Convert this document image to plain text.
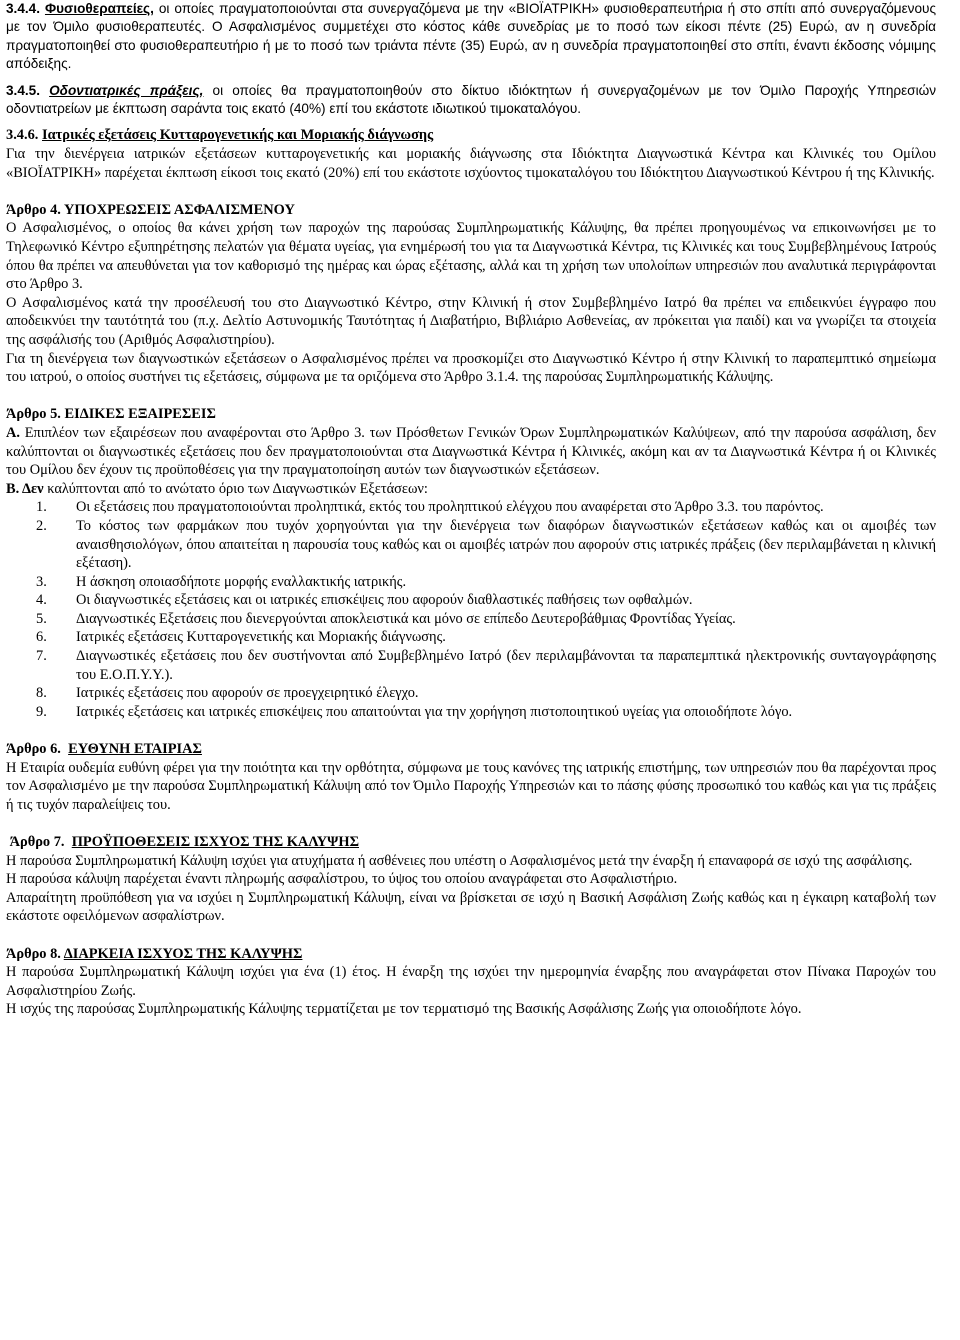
3.4.4. Φυσιοθεραπείες, οι οποίες πραγματοποιούνται στα συνεργαζόμενα με την «ΒΙΟΪΑΤΡΙΚΗ» φυσιοθεραπευτήρια ή στο σπίτι από συνεργαζόμενους με τον Όμιλο φυσιοθεραπευτές. Ο Ασφαλισμένος συμμετέχει στο κόστος κάθε συνεδρίας με το ποσό των είκοσι πέντε (25) Ευρώ, αν η συνεδρία πραγματοποιηθεί στο φυσιοθεραπευτήριο ή με το ποσό των τριάντα πέντε (35) Ευρώ, αν η συνεδρία πραγματοποιηθεί στο σπίτι, έναντι έκδοσης νόμιμης απόδειξης.

3.4.5. Οδοντιατρικές πράξεις, οι οποίες θα πραγματοποιηθούν στο δίκτυο ιδιόκτητων ή συνεργαζομένων με τον Όμιλο Παροχής Υπηρεσιών οδοντιατρείων με έκπτωση σαράντα τοις εκατό (40%) επί του εκάστοτε ιδιωτικού τιμοκαταλόγου.

3.4.6. Ιατρικές εξετάσεις Κυτταρογενετικής και Μοριακής διάγνωσης

Για την διενέργεια ιατρικών εξετάσεων κυτταρογενετικής και μοριακής διάγνωσης στα Ιδιόκτητα Διαγνωστικά Κέντρα και Κλινικές του Ομίλου «ΒΙΟΪΑΤΡΙΚΗ» παρέχεται έκπτωση είκοσι τοις εκατό (20%) επί του εκάστοτε ισχύοντος τιμοκαταλόγου του Ιδιόκτητου Διαγνωστικού Κέντρου ή της Κλινικής.

Άρθρο 4. ΥΠΟΧΡΕΩΣΕΙΣ ΑΣΦΑΛΙΣΜΕΝΟΥ

Ο Ασφαλισμένος, ο οποίος θα κάνει χρήση των παροχών της παρούσας Συμπληρωματικής Κάλυψης, θα πρέπει προηγουμένως να επικοινωνήσει με το Τηλεφωνικό Κέντρο εξυπηρέτησης πελατών για θέματα υγείας, για ενημέρωσή του για τα Διαγνωστικά Κέντρα, τις Κλινικές και τους Συμβεβλημένους Ιατρούς όπου θα πρέπει να απευθύνεται για τον καθορισμό της ημέρας και ώρας εξέτασης, αλλά και τη χρήση των υπολοίπων υπηρεσιών που αναλυτικά περιγράφονται στο Άρθρο 3.

Ο Ασφαλισμένος κατά την προσέλευσή του στο Διαγνωστικό Κέντρο, στην Κλινική ή στον Συμβεβλημένο Ιατρό θα πρέπει να επιδεικνύει έγγραφο που αποδεικνύει την ταυτότητά του (π.χ. Δελτίο Αστυνομικής Ταυτότητας ή Διαβατήριο, Βιβλιάριο Ασθενείας, αν πρόκειται για παιδί) και να γνωρίζει τα στοιχεία της ασφάλισής του (Αριθμός Ασφαλιστηρίου).

Για τη διενέργεια των διαγνωστικών εξετάσεων ο Ασφαλισμένος πρέπει να προσκομίζει στο Διαγνωστικό Κέντρο ή στην Κλινική το παραπεμπτικό σημείωμα του ιατρού, ο οποίος συστήνει τις εξετάσεις, σύμφωνα με τα οριζόμενα στο Άρθρο 3.1.4. της παρούσας Συμπληρωματικής Κάλυψης.

Άρθρο 5. ΕΙΔΙΚΕΣ ΕΞΑΙΡΕΣΕΙΣ

Α. Επιπλέον των εξαιρέσεων που αναφέρονται στο Άρθρο 3. των Πρόσθετων Γενικών Όρων Συμπληρωματικών Καλύψεων, από την παρούσα ασφάλιση, δεν καλύπτονται οι διαγνωστικές εξετάσεις που δεν πραγματοποιούνται στα Διαγνωστικά Κέντρα ή Κλινικές, ακόμη και αν τα Διαγνωστικά Κέντρα ή οι Κλινικές του Ομίλου δεν έχουν τις προϋποθέσεις για την πραγματοποίηση αυτών των διαγνωστικών εξετάσεων.

Β. Δεν καλύπτονται από το ανώτατο όριο των Διαγνωστικών Εξετάσεων:

1. Οι εξετάσεις που πραγματοποιούνται προληπτικά, εκτός του προληπτικού ελέγχου που αναφέρεται στο Άρθρο 3.3. του παρόντος.
2. Το κόστος των φαρμάκων που τυχόν χορηγούνται για την διενέργεια των διαφόρων διαγνωστικών εξετάσεων καθώς και οι αμοιβές των αναισθησιολόγων, όπου απαιτείται η παρουσία τους καθώς και οι αμοιβές ιατρών που αφορούν στις ιατρικές πράξεις (δεν περιλαμβάνεται η κλινική εξέταση).
3. Η άσκηση οποιασδήποτε μορφής εναλλακτικής ιατρικής.
4. Οι διαγνωστικές εξετάσεις και οι ιατρικές επισκέψεις που αφορούν διαθλαστικές παθήσεις των οφθαλμών.
5. Διαγνωστικές Εξετάσεις που διενεργούνται αποκλειστικά και μόνο σε επίπεδο Δευτεροβάθμιας Φροντίδας Υγείας.
6. Ιατρικές εξετάσεις Κυτταρογενετικής και Μοριακής διάγνωσης.
7. Διαγνωστικές εξετάσεις που δεν συστήνονται από Συμβεβλημένο Ιατρό (δεν περιλαμβάνονται τα παραπεμπτικά ηλεκτρονικής συνταγογράφησης του Ε.Ο.Π.Υ.Υ.).
8. Ιατρικές εξετάσεις που αφορούν σε προεγχειρητικό έλεγχο.
9. Ιατρικές εξετάσεις και ιατρικές επισκέψεις που απαιτούνται για την χορήγηση πιστοποιητικού υγείας για οποιοδήποτε λόγο.

Άρθρο 6. ΕΥΘΥΝΗ ΕΤΑΙΡΙΑΣ

Η Εταιρία ουδεμία ευθύνη φέρει για την ποιότητα και την ορθότητα, σύμφωνα με τους κανόνες της ιατρικής επιστήμης, των υπηρεσιών που θα παρέχονται προς τον Ασφαλισμένο με την παρούσα Συμπληρωματική Κάλυψη από τον Όμιλο Παροχής Υπηρεσιών και το πάσης φύσης προσωπικό του καθώς και για τις πράξεις ή τις τυχόν παραλείψεις του.

Άρθρο 7. ΠΡΟΫΠΟΘΕΣΕΙΣ ΙΣΧΥΟΣ ΤΗΣ ΚΑΛΥΨΗΣ

Η παρούσα Συμπληρωματική Κάλυψη ισχύει για ατυχήματα ή ασθένειες που υπέστη ο Ασφαλισμένος μετά την έναρξη ή επαναφορά σε ισχύ της ασφάλισης.

Η παρούσα κάλυψη παρέχεται έναντι πληρωμής ασφαλίστρου, το ύψος του οποίου αναγράφεται στο Ασφαλιστήριο.

Απαραίτητη προϋπόθεση για να ισχύει η Συμπληρωματική Κάλυψη, είναι να βρίσκεται σε ισχύ η Βασική Ασφάλιση Ζωής καθώς και η έγκαιρη καταβολή των εκάστοτε οφειλόμενων ασφαλίστρων.

Άρθρο 8. ΔΙΑΡΚΕΙΑ ΙΣΧΥΟΣ ΤΗΣ ΚΑΛΥΨΗΣ

Η παρούσα Συμπληρωματική Κάλυψη ισχύει για ένα (1) έτος. Η έναρξη της ισχύει την ημερομηνία έναρξης που αναγράφεται στον Πίνακα Παροχών του Ασφαλιστηρίου Ζωής.

Η ισχύς της παρούσας Συμπληρωματικής Κάλυψης τερματίζεται με τον τερματισμό της Βασικής Ασφάλισης Ζωής για οποιοδήποτε λόγο.
